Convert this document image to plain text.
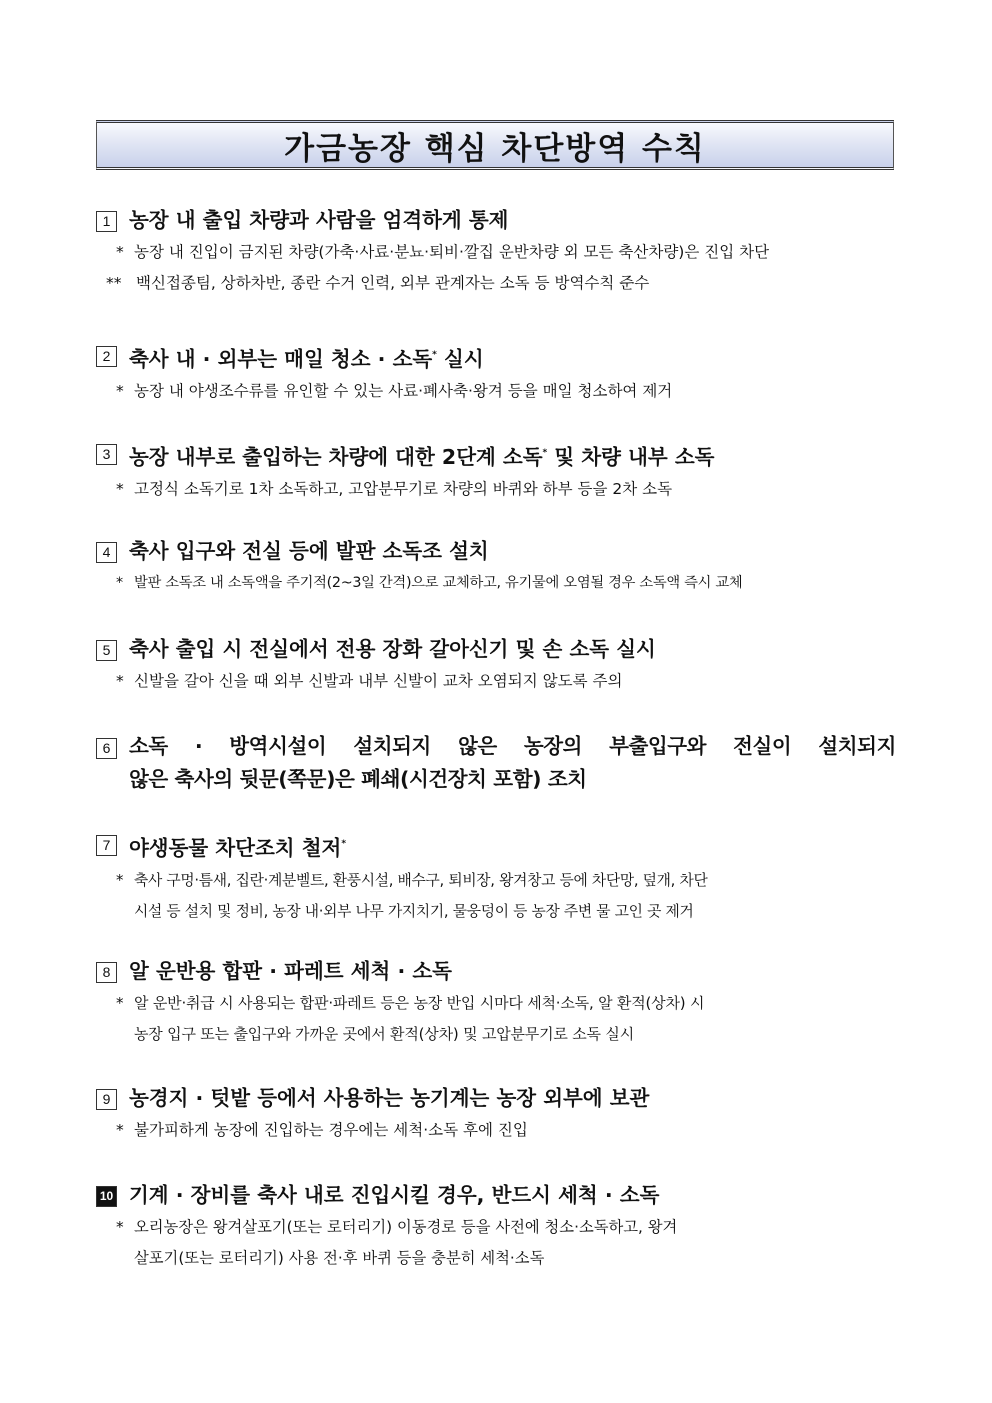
가금농장 핵심 차단방역 수칙
1 농장 내 출입 차량과 사람을 엄격하게 통제
* 농장 내 진입이 금지된 차량(가축·사료·분뇨·퇴비·깔집 운반차량 외 모든 축산차량)은 진입 차단
** 백신접종팀, 상하차반, 종란 수거 인력, 외부 관계자는 소독 등 방역수칙 준수
2 축사 내 · 외부는 매일 청소 · 소독* 실시
* 농장 내 야생조수류를 유인할 수 있는 사료·폐사축·왕겨 등을 매일 청소하여 제거
3 농장 내부로 출입하는 차량에 대한 2단계 소독* 및 차량 내부 소독
* 고정식 소독기로 1차 소독하고, 고압분무기로 차량의 바퀴와 하부 등을 2차 소독
4 축사 입구와 전실 등에 발판 소독조 설치
* 발판 소독조 내 소독액을 주기적(2~3일 간격)으로 교체하고, 유기물에 오염될 경우 소독액 즉시 교체
5 축사 출입 시 전실에서 전용 장화 갈아신기 및 손 소독 실시
* 신발을 갈아 신을 때 외부 신발과 내부 신발이 교차 오염되지 않도록 주의
6 소독 · 방역시설이 설치되지 않은 농장의 부출입구와 전실이 설치되지
않은 축사의 뒷문(쪽문)은 폐쇄(시건장치 포함) 조치
7 야생동물 차단조치 철저*
* 축사 구멍·틈새, 집란·계분벨트, 환풍시설, 배수구, 퇴비장, 왕겨창고 등에 차단망, 덮개, 차단
시설 등 설치 및 정비, 농장 내·외부 나무 가지치기, 물웅덩이 등 농장 주변 물 고인 곳 제거
8 알 운반용 합판 · 파레트 세척 · 소독
* 알 운반·취급 시 사용되는 합판·파레트 등은 농장 반입 시마다 세척·소독, 알 환적(상차) 시
농장 입구 또는 출입구와 가까운 곳에서 환적(상차) 및 고압분무기로 소독 실시
9 농경지 · 텃밭 등에서 사용하는 농기계는 농장 외부에 보관
* 불가피하게 농장에 진입하는 경우에는 세척·소독 후에 진입
10 기계 · 장비를 축사 내로 진입시킬 경우, 반드시 세척 · 소독
* 오리농장은 왕겨살포기(또는 로터리기) 이동경로 등을 사전에 청소·소독하고, 왕겨
살포기(또는 로터리기) 사용 전·후 바퀴 등을 충분히 세척·소독
